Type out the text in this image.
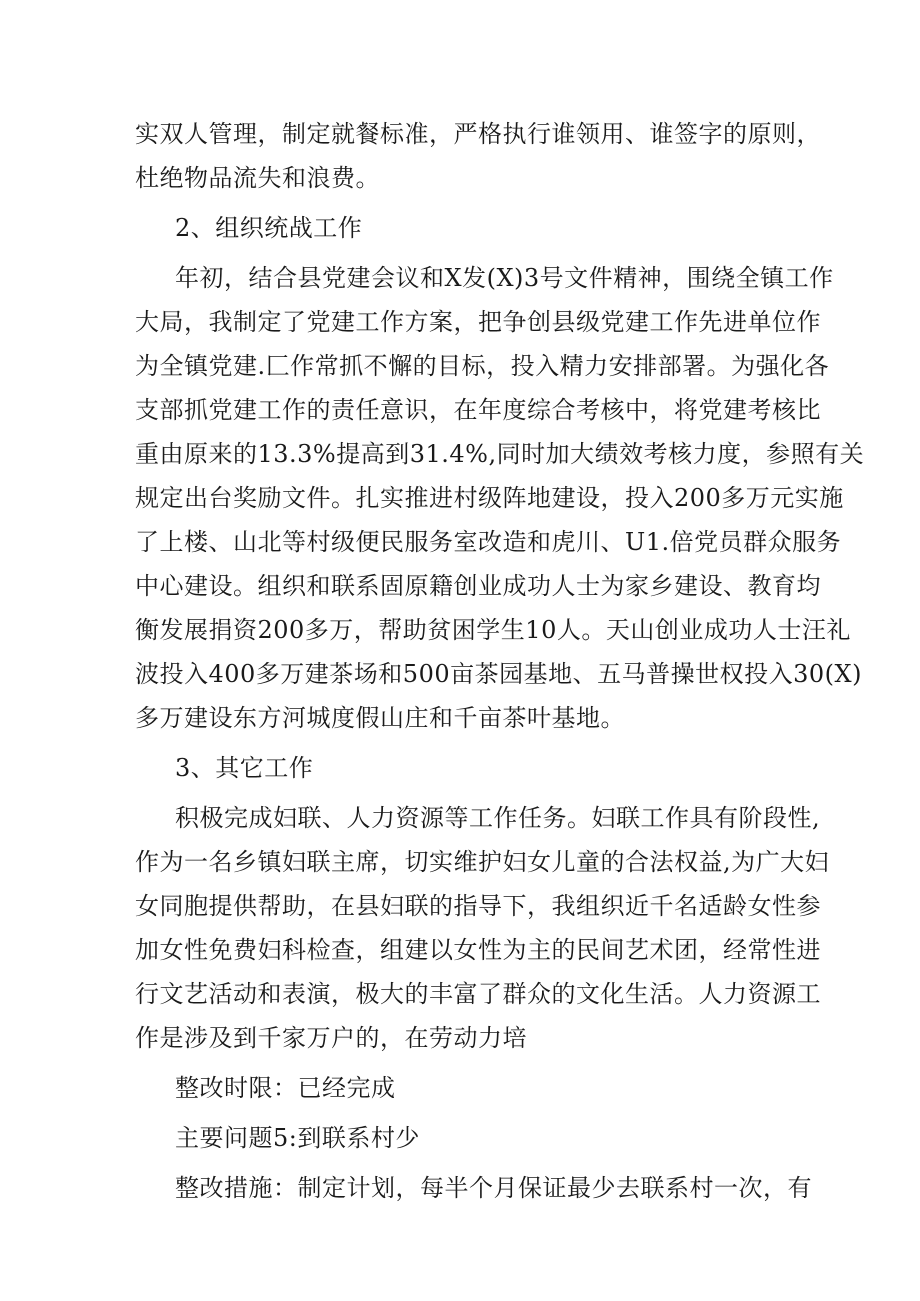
实双人管理，制定就餐标准，严格执行谁领用、谁签字的原则，
杜绝物品流失和浪费。

2、组织统战工作

年初，结合县党建会议和X发(X)3号文件精神，围绕全镇工作
大局，我制定了党建工作方案，把争创县级党建工作先进单位作
为全镇党建.匚作常抓不懈的目标，投入精力安排部署。为强化各
支部抓党建工作的责任意识，在年度综合考核中，将党建考核比
重由原来的13.3%提高到31.4%,同时加大绩效考核力度，参照有关
规定出台奖励文件。扎实推进村级阵地建设，投入200多万元实施
了上楼、山北等村级便民服务室改造和虎川、U1.倍党员群众服务
中心建设。组织和联系固原籍创业成功人士为家乡建设、教育均
衡发展捐资200多万，帮助贫困学生10人。天山创业成功人士汪礼
波投入400多万建茶场和500亩茶园基地、五马普操世权投入30(X)
多万建设东方河城度假山庄和千亩茶叶基地。

3、其它工作

积极完成妇联、人力资源等工作任务。妇联工作具有阶段性,
作为一名乡镇妇联主席，切实维护妇女儿童的合法权益,为广大妇
女同胞提供帮助，在县妇联的指导下，我组织近千名适龄女性参
加女性免费妇科检查，组建以女性为主的民间艺术团，经常性进
行文艺活动和表演，极大的丰富了群众的文化生活。人力资源工
作是涉及到千家万户的，在劳动力培

整改时限：已经完成

主要问题5:到联系村少

整改措施：制定计划，每半个月保证最少去联系村一次，有
